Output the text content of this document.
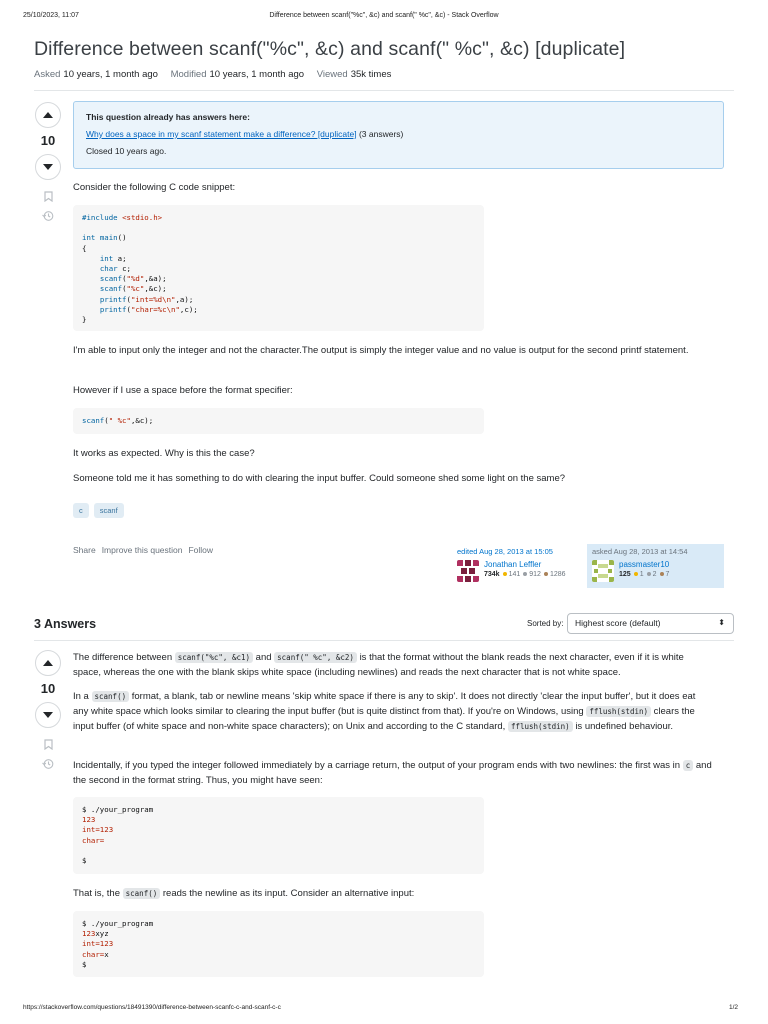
25/10/2023, 11:07	Difference between scanf("%c", &c) and scanf(" %c", &c) - Stack Overflow
Difference between scanf("%c", &c) and scanf(" %c", &c) [duplicate]
Asked 10 years, 1 month ago Modified 10 years, 1 month ago Viewed 35k times
10
This question already has answers here:
Why does a space in my scanf statement make a difference? [duplicate] (3 answers)
Closed 10 years ago.

Consider the following C code snippet:

#include <stdio.h>

int main()
{
int a;
char c;
scanf("%d",&a);
scanf("%c",&c);
printf("int=%d\n",a);
printf("char=%c\n",c);
}

I'm able to input only the integer and not the character.The output is simply the integer value and no value is output for the second printf statement.

However if I use a space before the format specifier:

scanf(" %c",&c);

It works as expected. Why is this the case?

Someone told me it has something to do with clearing the input buffer. Could someone shed some light on the same?

c	scanf
Share Improve this question Follow	edited Aug 28, 2013 at 15:05
Jonathan Leffler
734k 141 912 1286
asked Aug 28, 2013 at 14:54
passmaster10
125 1 2 7
3 Answers	Sorted by:	Highest score (default)	⬍
10

The difference between scanf("%c", &c1) and scanf(" %c", &c2) is that the format without the blank reads the next character, even if it is white space, whereas the one with the blank skips white space (including newlines) and reads the next character that is not white space.

In a scanf() format, a blank, tab or newline means 'skip white space if there is any to skip'. It does not directly 'clear the input buffer', but it does eat any white space which looks similar to clearing the input buffer (but is quite distinct from that). If you're on Windows, using fflush(stdin) clears the input buffer (of white space and non-white space characters); on Unix and according to the C standard, fflush(stdin) is undefined behaviour.

Incidentally, if you typed the integer followed immediately by a carriage return, the output of your program ends with two newlines: the first was in c and the second in the format string. Thus, you might have seen:

$ ./your_program
123
int=123
char=

$

That is, the scanf() reads the newline as its input. Consider an alternative input:

$ ./your_program
123xyz
int=123
char=x
$
https://stackoverflow.com/questions/18491390/difference-between-scanfc-c-and-scanf-c-c	1/2
